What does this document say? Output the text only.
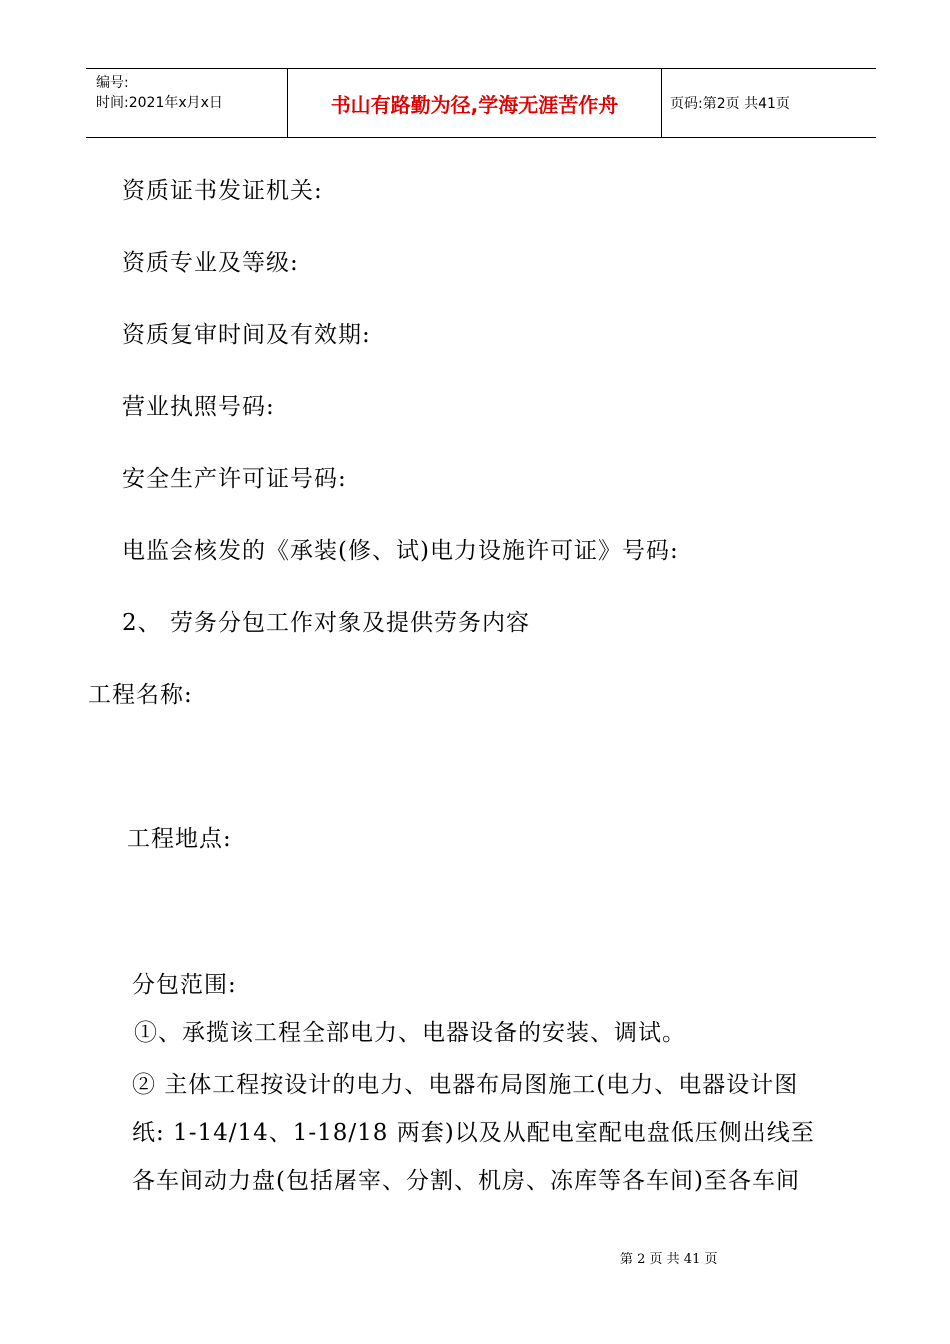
编号:
时间:2021年x月x日	书山有路勤为径,学海无涯苦作舟	页码:第2页 共41页
资质证书发证机关:
资质专业及等级:
资质复审时间及有效期:
营业执照号码:
安全生产许可证号码:
电监会核发的《承装(修、试)电力设施许可证》号码:
2、 劳务分包工作对象及提供劳务内容
工程名称:
工程地点:
分包范围:
①、承揽该工程全部电力、电器设备的安装、调试。
② 主体工程按设计的电力、电器布局图施工(电力、电器设计图
纸: 1-14/14、1-18/18 两套)以及从配电室配电盘低压侧出线至
各车间动力盘(包括屠宰、分割、机房、冻库等各车间)至各车间
第 2 页 共 41 页
